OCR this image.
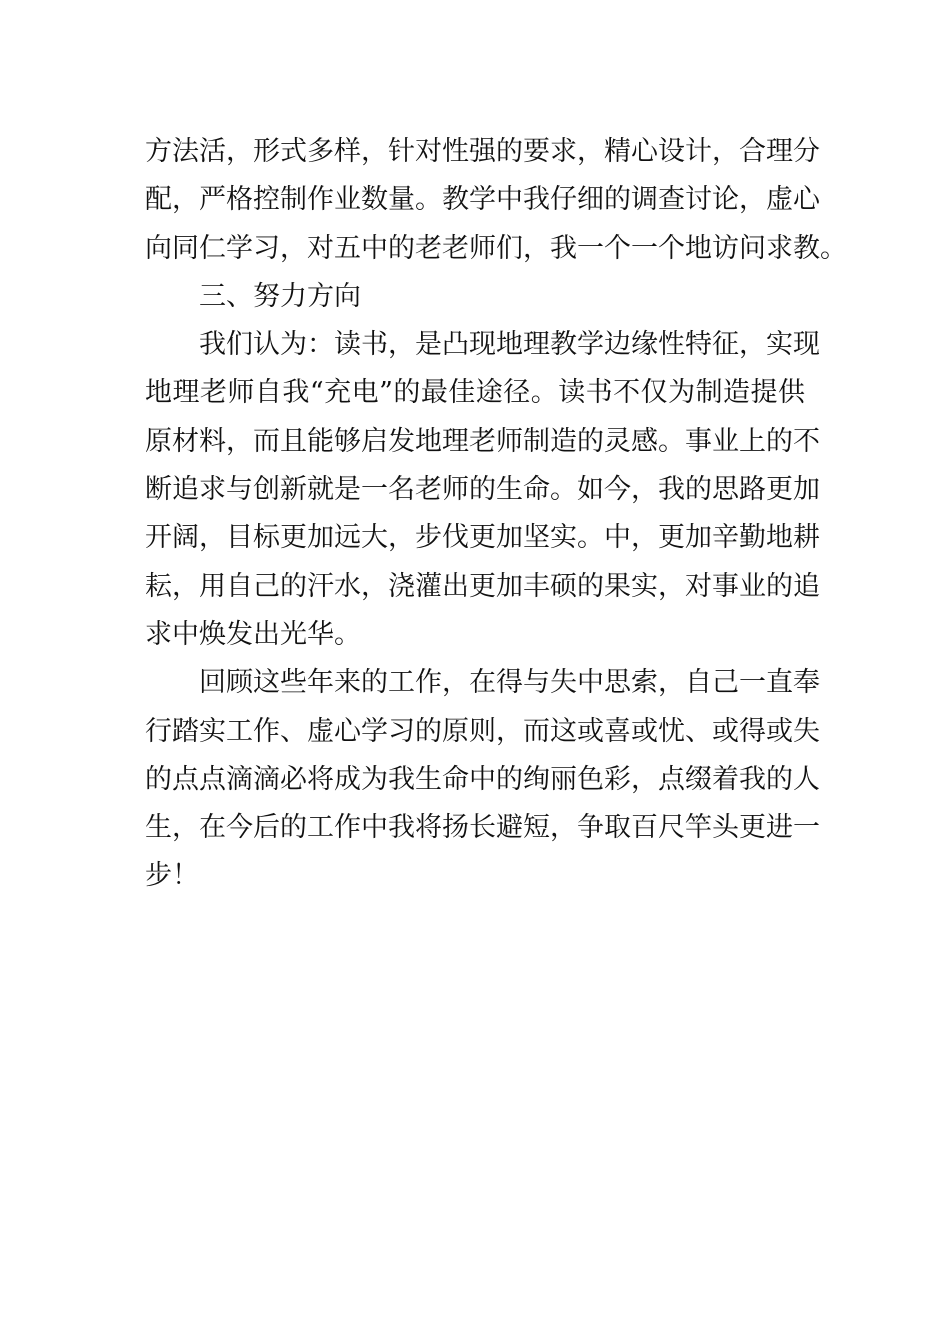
方法活，形式多样，针对性强的要求，精心设计，合理分
配，严格控制作业数量。教学中我仔细的调查讨论，虚心
向同仁学习，对五中的老老师们，我一个一个地访问求教。
三、努力方向
我们认为：读书，是凸现地理教学边缘性特征，实现
地理老师自我“充电”的最佳途径。读书不仅为制造提供
原材料，而且能够启发地理老师制造的灵感。事业上的不
断追求与创新就是一名老师的生命。如今，我的思路更加
开阔，目标更加远大，步伐更加坚实。中，更加辛勤地耕
耘，用自己的汗水，浇灌出更加丰硕的果实，对事业的追
求中焕发出光华。
回顾这些年来的工作，在得与失中思索，自己一直奉
行踏实工作、虚心学习的原则，而这或喜或忧、或得或失
的点点滴滴必将成为我生命中的绚丽色彩，点缀着我的人
生，在今后的工作中我将扬长避短，争取百尺竿头更进一
步！
